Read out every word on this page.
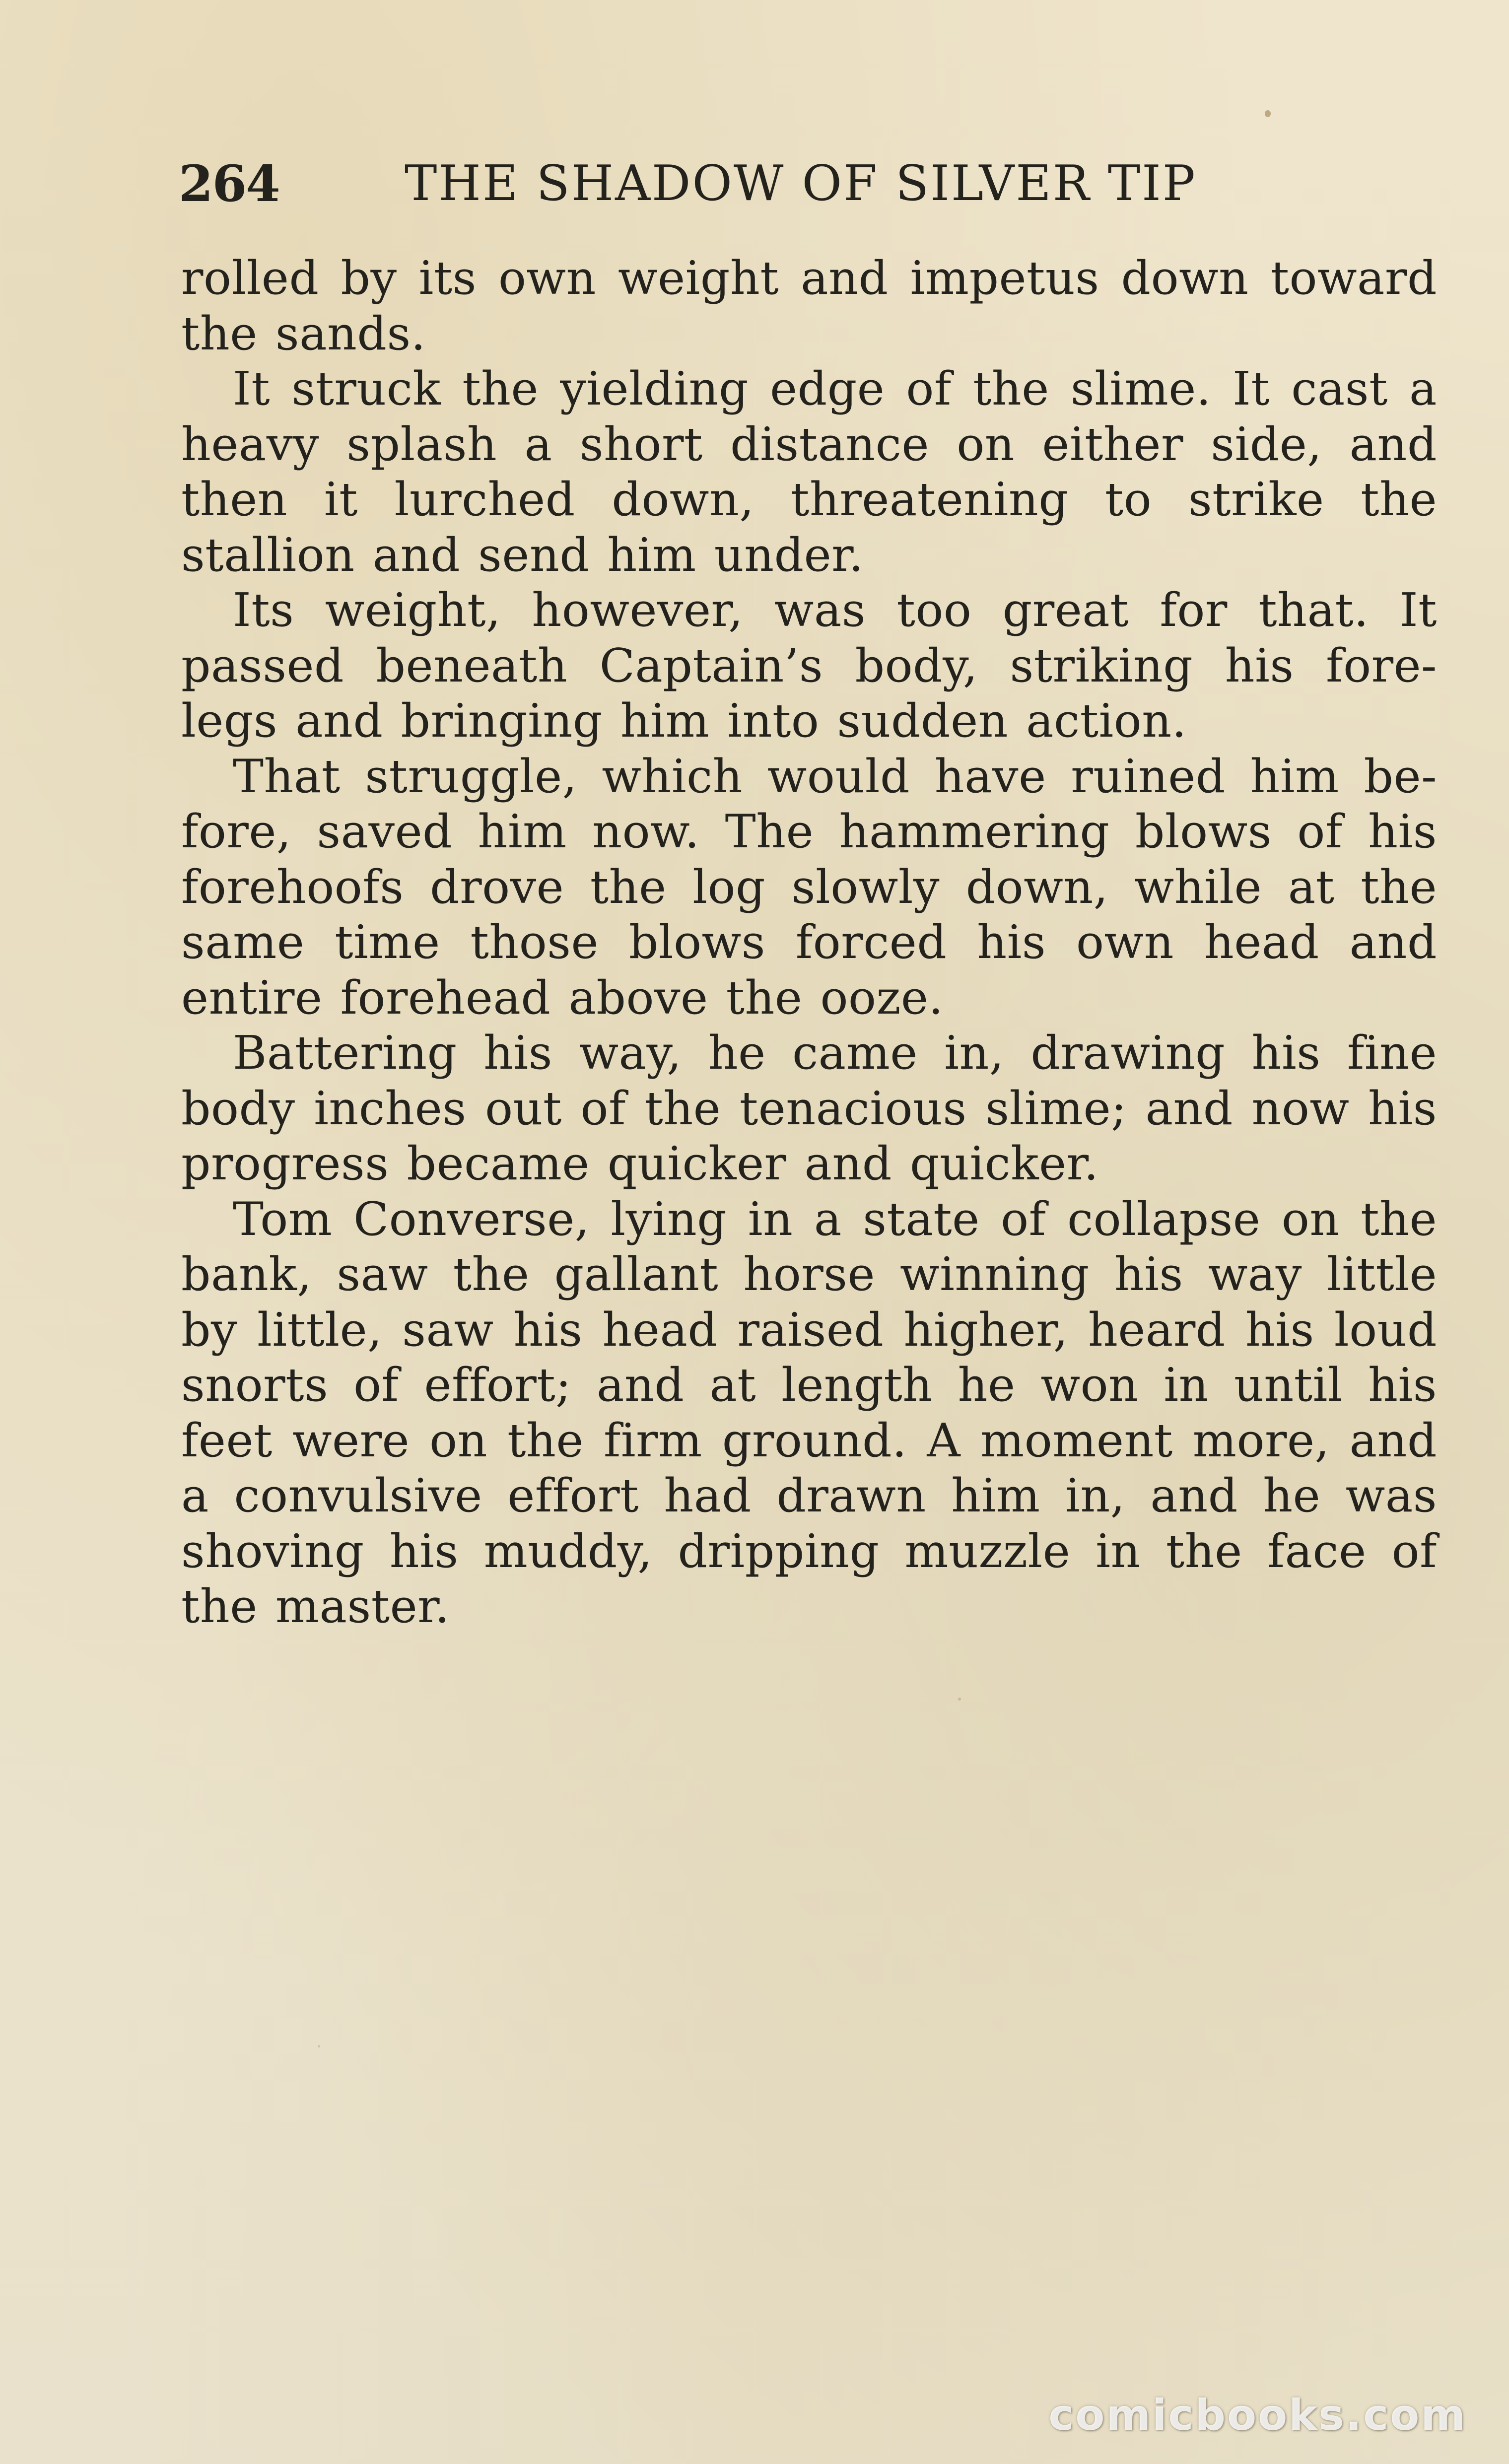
264	THE SHADOW OF SILVER TIP

rolled by its own weight and impetus down toward the sands.

It struck the yielding edge of the slime. It cast a heavy splash a short distance on either side, and then it lurched down, threatening to strike the stallion and send him under.

Its weight, however, was too great for that. It passed beneath Captain’s body, striking his fore-legs and bringing him into sudden action.

That struggle, which would have ruined him be-fore, saved him now. The hammering blows of his forehoofs drove the log slowly down, while at the same time those blows forced his own head and entire forehead above the ooze.

Battering his way, he came in, drawing his fine body inches out of the tenacious slime; and now his progress became quicker and quicker.

Tom Converse, lying in a state of collapse on the bank, saw the gallant horse winning his way little by little, saw his head raised higher, heard his loud snorts of effort; and at length he won in until his feet were on the firm ground. A moment more, and a convulsive effort had drawn him in, and he was shoving his muddy, dripping muzzle in the face of the master.

comicbooks.com
